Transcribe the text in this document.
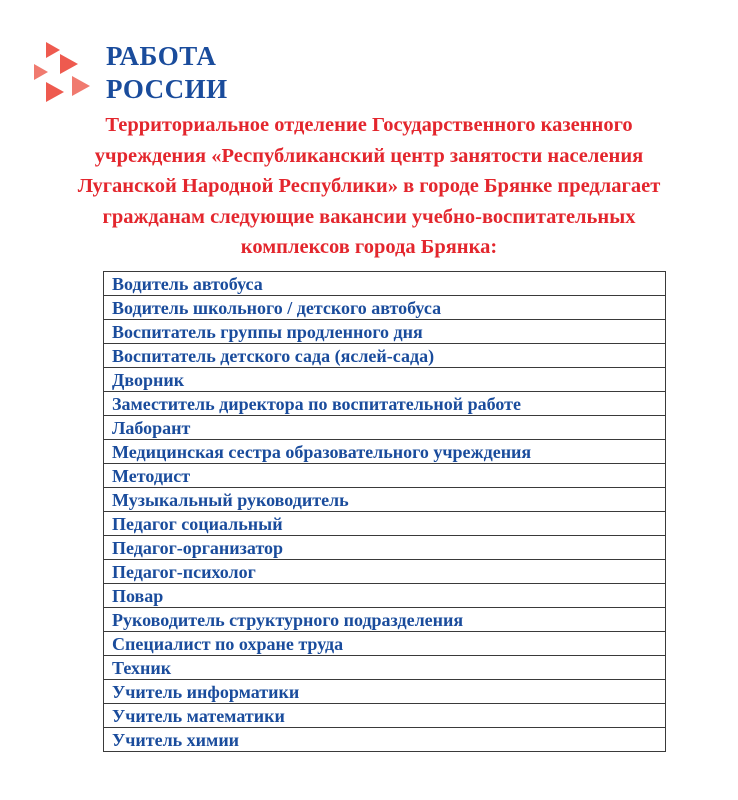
РАБОТА
РОССИИ
Территориальное отделение Государственного казенного
учреждения «Республиканский центр занятости населения
Луганской Народной Республики» в городе Брянке предлагает
гражданам следующие вакансии учебно-воспитательных
комплексов города Брянка:
Водитель автобуса
Водитель школьного / детского автобуса
Воспитатель группы продленного дня
Воспитатель детского сада (яслей-сада)
Дворник
Заместитель директора по воспитательной работе
Лаборант
Медицинская сестра образовательного учреждения
Методист
Музыкальный руководитель
Педагог социальный
Педагог-организатор
Педагог-психолог
Повар
Руководитель структурного подразделения
Специалист по охране труда
Техник
Учитель информатики
Учитель математики
Учитель химии
